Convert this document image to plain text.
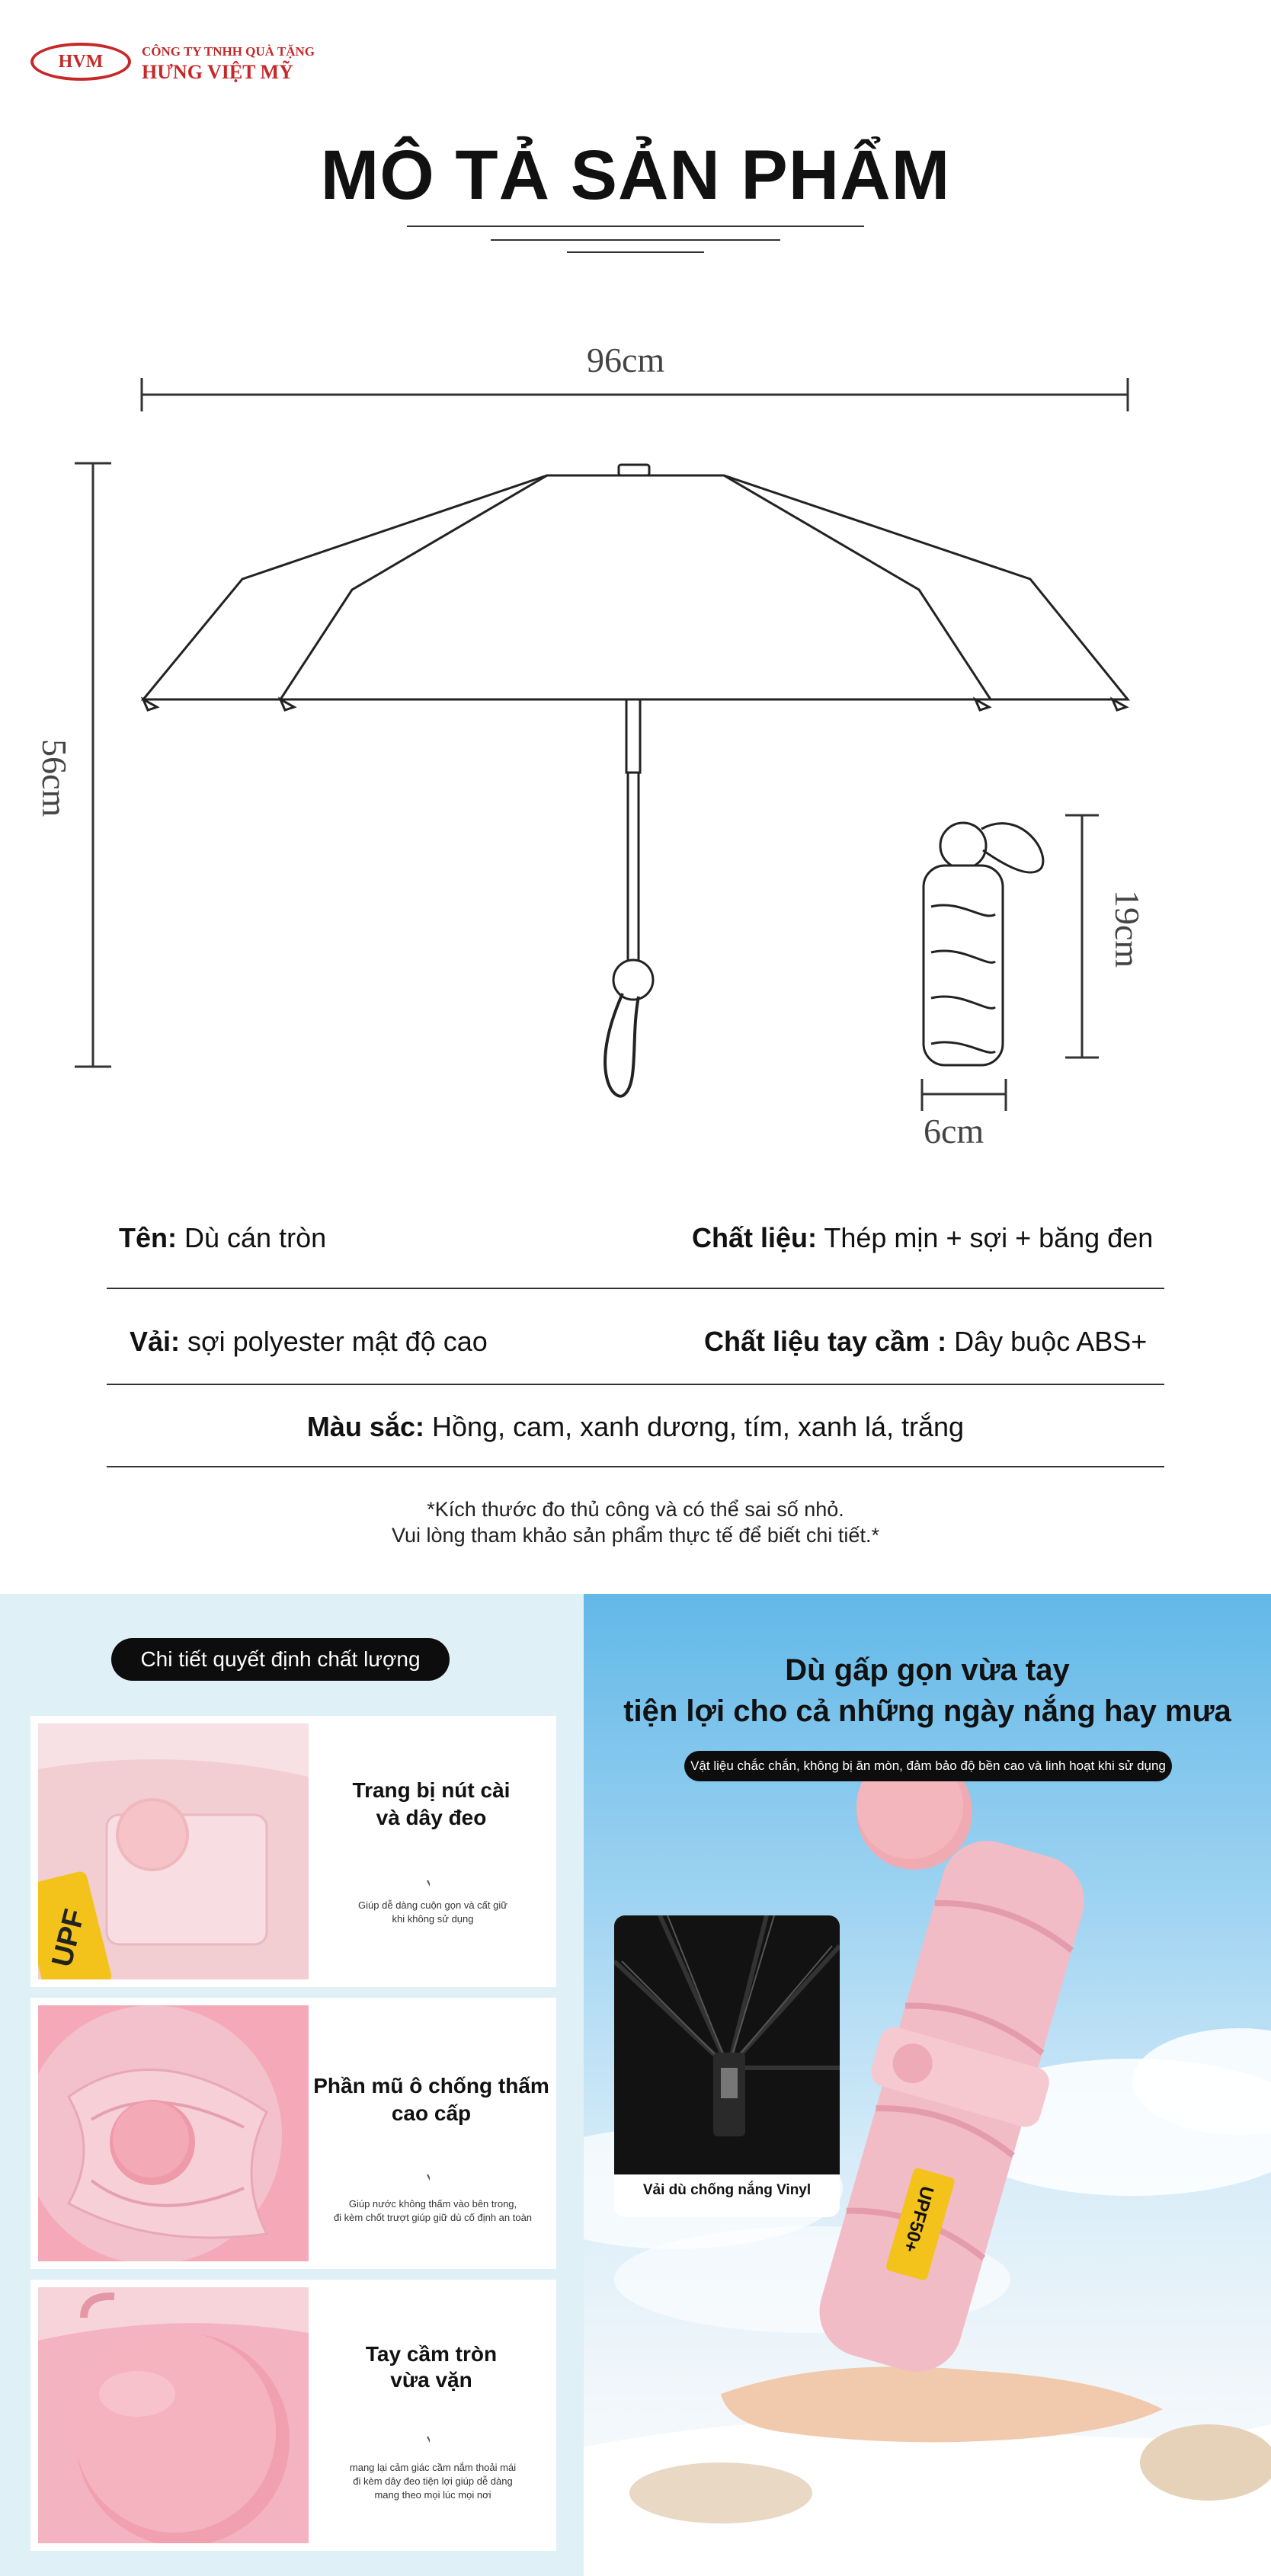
HVM	CÔNG TY TNHH QUÀ TẶNG
HƯNG VIỆT MỸ
MÔ TẢ SẢN PHẨM
96cm
56cm
19cm
6cm
Tên: Dù cán tròn	Chất liệu: Thép mịn + sợi + băng đen
Vải: sợi polyester mật độ cao	Chất liệu tay cầm : Dây buộc ABS+
Màu sắc: Hồng, cam, xanh dương, tím, xanh lá, trắng
*Kích thước đo thủ công và có thể sai số nhỏ.
Vui lòng tham khảo sản phẩm thực tế để biết chi tiết.*
Chi tiết quyết định chất lượng
UPF
Trang bị nút cài
và dây đeo
Giúp dễ dàng cuộn gọn và cất giữ
khi không sử dụng
Phần mũ ô chống thấm
cao cấp
Giúp nước không thấm vào bên trong,
đi kèm chốt trượt giúp giữ dù cố định an toàn
Tay cầm tròn
vừa vặn
mang lại cảm giác cầm nắm thoải mái
đi kèm dây đeo tiện lợi giúp dễ dàng
mang theo mọi lúc mọi nơi
UPF50+
Dù gấp gọn vừa tay
tiện lợi cho cả những ngày nắng hay mưa
Vật liệu chắc chắn, không bị ăn mòn, đảm bảo độ bền cao và linh hoạt khi sử dụng
Vải dù chống nắng Vinyl
